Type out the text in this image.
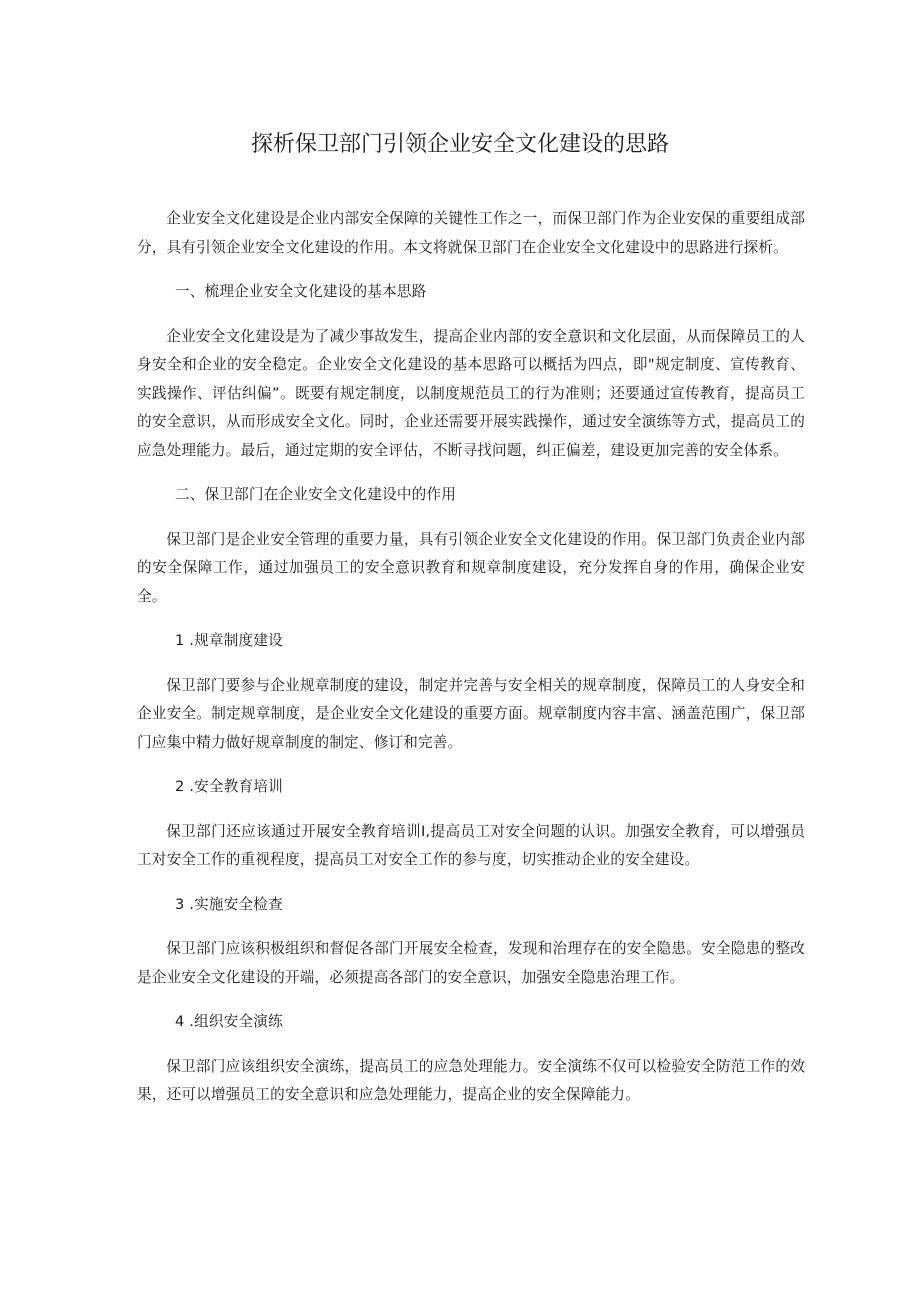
探析保卫部门引领企业安全文化建设的思路

企业安全文化建设是企业内部安全保障的关键性工作之一，而保卫部门作为企业安保的重要组成部分，具有引领企业安全文化建设的作用。本文将就保卫部门在企业安全文化建设中的思路进行探析。

一、梳理企业安全文化建设的基本思路

企业安全文化建设是为了减少事故发生，提高企业内部的安全意识和文化层面，从而保障员工的人身安全和企业的安全稳定。企业安全文化建设的基本思路可以概括为四点，即"规定制度、宣传教育、实践操作、评估纠偏”。既要有规定制度，以制度规范员工的行为准则；还要通过宣传教育，提高员工的安全意识，从而形成安全文化。同时，企业还需要开展实践操作，通过安全演练等方式，提高员工的应急处理能力。最后，通过定期的安全评估，不断寻找问题，纠正偏差，建设更加完善的安全体系。

二、保卫部门在企业安全文化建设中的作用

保卫部门是企业安全管理的重要力量，具有引领企业安全文化建设的作用。保卫部门负责企业内部的安全保障工作，通过加强员工的安全意识教育和规章制度建设，充分发挥自身的作用，确保企业安全。

1 .规章制度建设

保卫部门要参与企业规章制度的建设，制定并完善与安全相关的规章制度，保障员工的人身安全和企业安全。制定规章制度，是企业安全文化建设的重要方面。规章制度内容丰富、涵盖范围广，保卫部门应集中精力做好规章制度的制定、修订和完善。

2 .安全教育培训

保卫部门还应该通过开展安全教育培训I,提高员工对安全问题的认识。加强安全教育，可以增强员工对安全工作的重视程度，提高员工对安全工作的参与度，切实推动企业的安全建设。

3 .实施安全检查

保卫部门应该积极组织和督促各部门开展安全检查，发现和治理存在的安全隐患。安全隐患的整改是企业安全文化建设的开端，必须提高各部门的安全意识，加强安全隐患治理工作。

4 .组织安全演练

保卫部门应该组织安全演练，提高员工的应急处理能力。安全演练不仅可以检验安全防范工作的效果，还可以增强员工的安全意识和应急处理能力，提高企业的安全保障能力。
